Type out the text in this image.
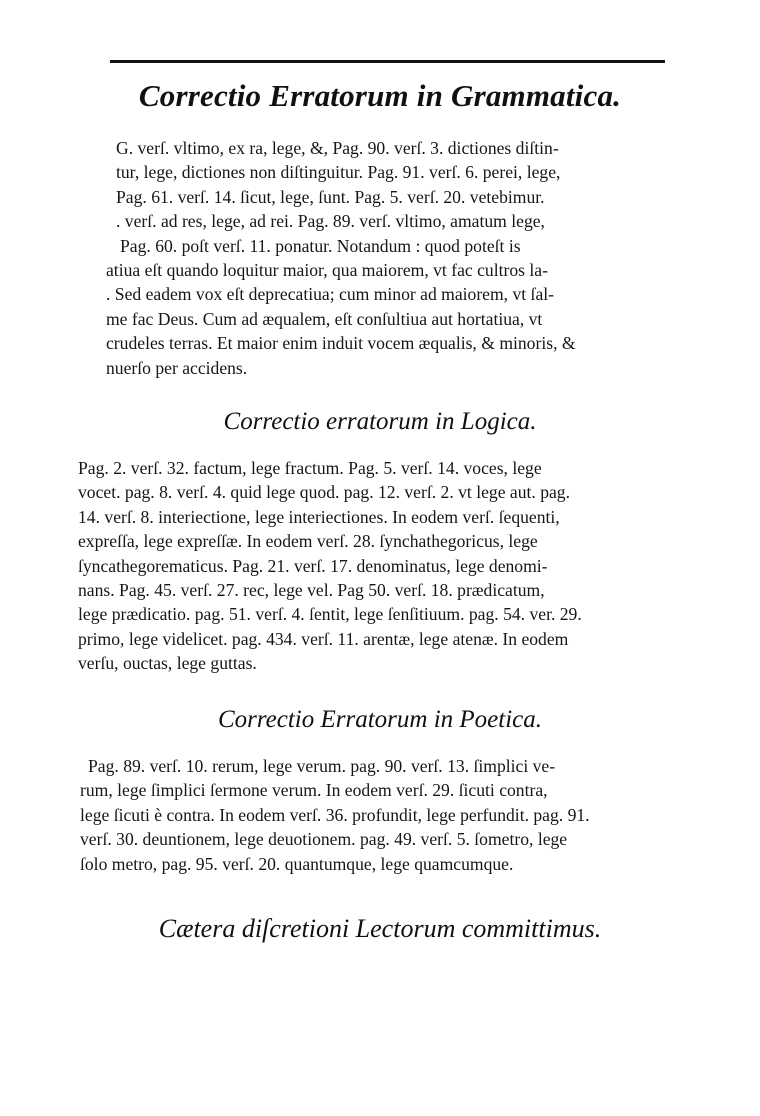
Correctio Erratorum in Grammatica.
G. verſ. vltimo, ex ra, lege, &, Pag. 90. verſ. 3. dictiones diſtin-
tur, lege, dictiones non diſtinguitur. Pag. 91. verſ. 6. perei, lege,
Pag. 61. verſ. 14. ſicut, lege, ſunt. Pag. 5. verſ. 20. vetebimur.
. verſ. ad res, lege, ad rei. Pag. 89. verſ. vltimo, amatum lege,
Pag. 60. poſt verſ. 11. ponatur. Notandum : quod poteſt is
atiua eſt quando loquitur maior, qua maiorem, vt fac cultros la-
. Sed eadem vox eſt deprecatiua; cum minor ad maiorem, vt ſal-
me fac Deus. Cum ad æqualem, eſt conſultiua aut hortatiua, vt
crudeles terras. Et maior enim induit vocem æqualis, & minoris, &
nuerſo per accidens.
Correctio erratorum in Logica.
Pag. 2. verſ. 32. factum, lege fractum. Pag. 5. verſ. 14. voces, lege
vocet. pag. 8. verſ. 4. quid lege quod. pag. 12. verſ. 2. vt lege aut. pag.
14. verſ. 8. interiectione, lege interiectiones. In eodem verſ. ſequenti,
expreſſa, lege expreſſæ. In eodem verſ. 28. ſynchathegoricus, lege
ſyncathegorematicus. Pag. 21. verſ. 17. denominatus, lege denomi-
nans. Pag. 45. verſ. 27. rec, lege vel. Pag 50. verſ. 18. prædicatum,
lege prædicatio. pag. 51. verſ. 4. ſentit, lege ſenſitiuum. pag. 54. ver. 29.
primo, lege videlicet. pag. 434. verſ. 11. arentæ, lege atenæ. In eodem
verſu, ouctas, lege guttas.
Correctio Erratorum in Poetica.
Pag. 89. verſ. 10. rerum, lege verum. pag. 90. verſ. 13. ſimplici ve-
rum, lege ſimplici ſermone verum. In eodem verſ. 29. ſicuti contra,
lege ſicuti è contra. In eodem verſ. 36. profundit, lege perfundit. pag. 91.
verſ. 30. deuntionem, lege deuotionem. pag. 49. verſ. 5. ſometro, lege
ſolo metro, pag. 95. verſ. 20. quantumque, lege quamcumque.

Cætera diſcretioni Lectorum committimus.
